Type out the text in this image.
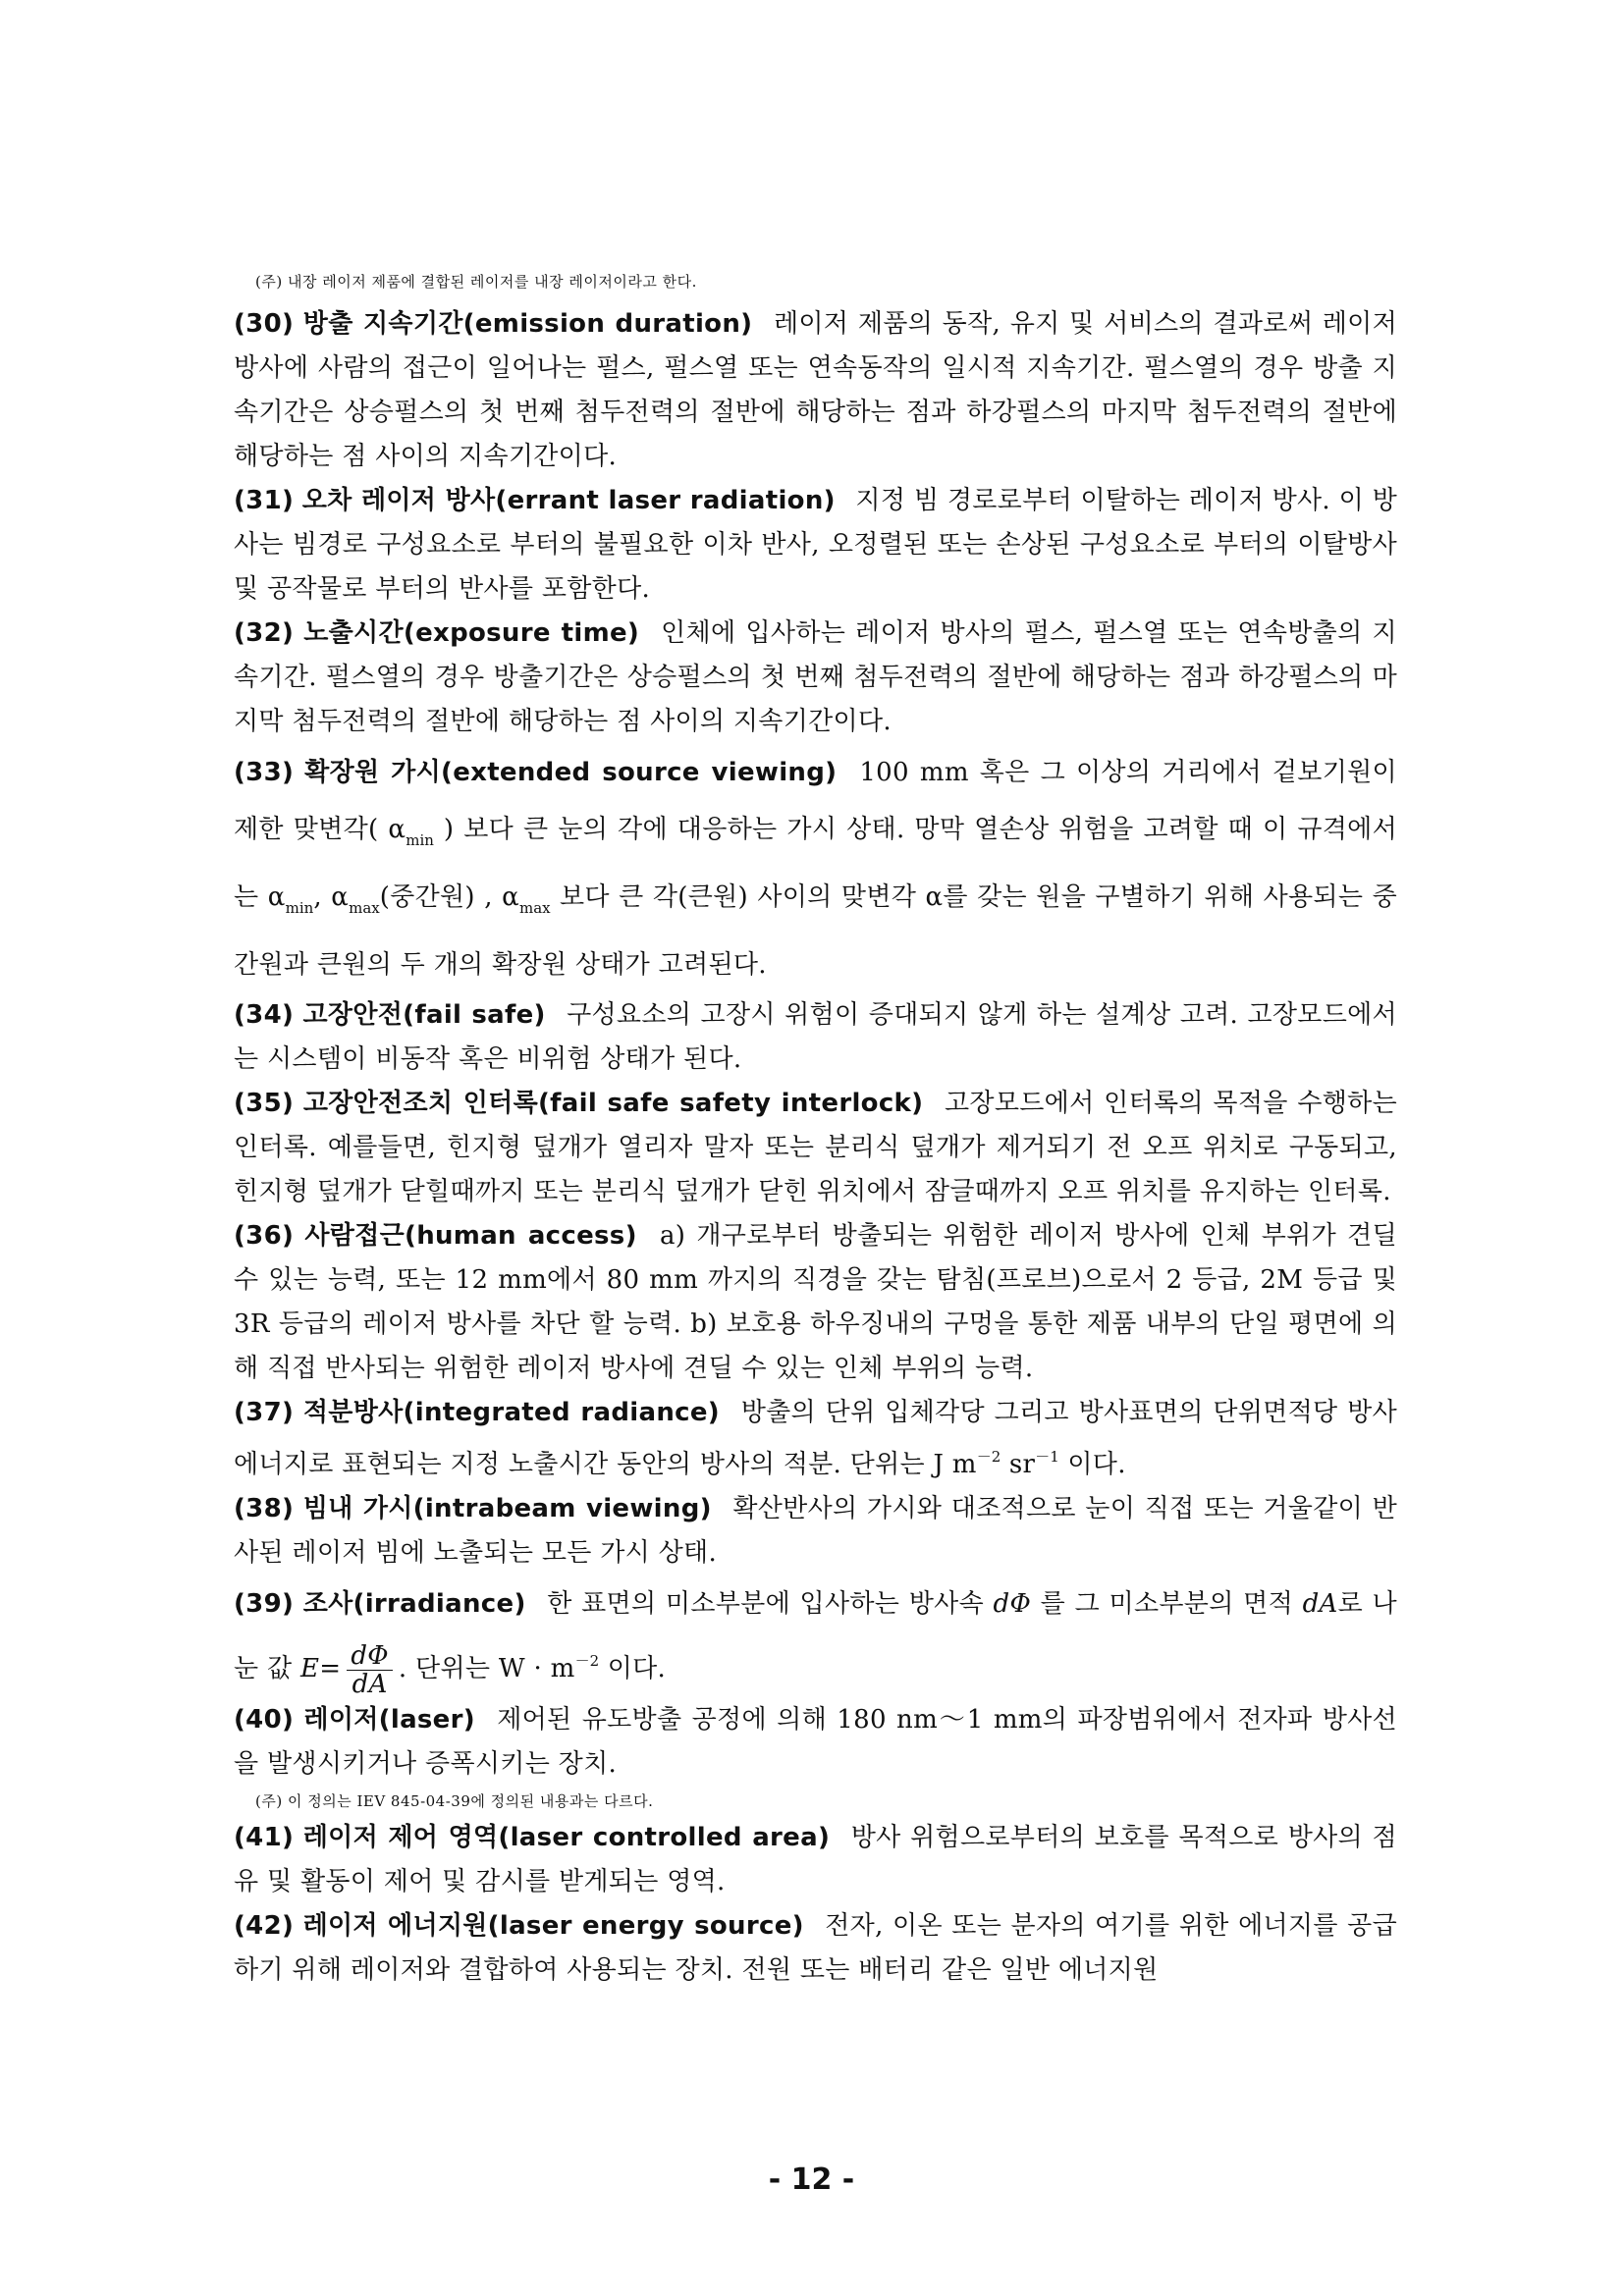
(주) 내장 레이저 제품에 결합된 레이저를 내장 레이저이라고 한다.

(30) 방출 지속기간(emission duration) 레이저 제품의 동작, 유지 및 서비스의 결과로써 레이저 방사에 사람의 접근이 일어나는 펄스, 펄스열 또는 연속동작의 일시적 지속기간. 펄스열의 경우 방출 지속기간은 상승펄스의 첫 번째 첨두전력의 절반에 해당하는 점과 하강펄스의 마지막 첨두전력의 절반에 해당하는 점 사이의 지속기간이다.

(31) 오차 레이저 방사(errant laser radiation) 지정 빔 경로로부터 이탈하는 레이저 방사. 이 방사는 빔경로 구성요소로 부터의 불필요한 이차 반사, 오정렬된 또는 손상된 구성요소로 부터의 이탈방사 및 공작물로 부터의 반사를 포함한다.

(32) 노출시간(exposure time) 인체에 입사하는 레이저 방사의 펄스, 펄스열 또는 연속방출의 지속기간. 펄스열의 경우 방출기간은 상승펄스의 첫 번째 첨두전력의 절반에 해당하는 점과 하강펄스의 마지막 첨두전력의 절반에 해당하는 점 사이의 지속기간이다.

(33) 확장원 가시(extended source viewing) 100 mm 혹은 그 이상의 거리에서 겉보기원이 제한 맞변각( $\alpha_{min}$ ) 보다 큰 눈의 각에 대응하는 가시 상태. 망막 열손상 위험을 고려할 때 이 규격에서는 $\alpha_{min}$, $\alpha_{max}$(중간원) , $\alpha_{max}$ 보다 큰 각(큰원) 사이의 맞변각 α를 갖는 원을 구별하기 위해 사용되는 중간원과 큰원의 두 개의 확장원 상태가 고려된다.

(34) 고장안전(fail safe) 구성요소의 고장시 위험이 증대되지 않게 하는 설계상 고려. 고장모드에서는 시스템이 비동작 혹은 비위험 상태가 된다.

(35) 고장안전조치 인터록(fail safe safety interlock) 고장모드에서 인터록의 목적을 수행하는 인터록. 예를들면, 힌지형 덮개가 열리자 말자 또는 분리식 덮개가 제거되기 전 오프 위치로 구동되고, 힌지형 덮개가 닫힐때까지 또는 분리식 덮개가 닫힌 위치에서 잠글때까지 오프 위치를 유지하는 인터록.

(36) 사람접근(human access) a) 개구로부터 방출되는 위험한 레이저 방사에 인체 부위가 견딜 수 있는 능력, 또는 12 mm에서 80 mm 까지의 직경을 갖는 탐침(프로브)으로서 2 등급, 2M 등급 및 3R 등급의 레이저 방사를 차단 할 능력. b) 보호용 하우징내의 구멍을 통한 제품 내부의 단일 평면에 의해 직접 반사되는 위험한 레이저 방사에 견딜 수 있는 인체 부위의 능력.

(37) 적분방사(integrated radiance) 방출의 단위 입체각당 그리고 방사표면의 단위면적당 방사에너지로 표현되는 지정 노출시간 동안의 방사의 적분. 단위는 J $m^{-2}$ $sr^{-1}$ 이다.

(38) 빔내 가시(intrabeam viewing) 확산반사의 가시와 대조적으로 눈이 직접 또는 거울같이 반사된 레이저 빔에 노출되는 모든 가시 상태.

(39) 조사(irradiance) 한 표면의 미소부분에 입사하는 방사속 dΦ 를 그 미소부분의 면적 dA로 나눈 값 $E= \frac{d\Phi}{dA}$ . 단위는 $W \cdot m^{-2}$ 이다.

(40) 레이저(laser) 제어된 유도방출 공정에 의해 180 nm～1 mm의 파장범위에서 전자파 방사선을 발생시키거나 증폭시키는 장치.

(주) 이 정의는 IEV 845-04-39에 정의된 내용과는 다르다.

(41) 레이저 제어 영역(laser controlled area) 방사 위험으로부터의 보호를 목적으로 방사의 점유 및 활동이 제어 및 감시를 받게되는 영역.

(42) 레이저 에너지원(laser energy source) 전자, 이온 또는 분자의 여기를 위한 에너지를 공급하기 위해 레이저와 결합하여 사용되는 장치. 전원 또는 배터리 같은 일반 에너지원

- 12 -
